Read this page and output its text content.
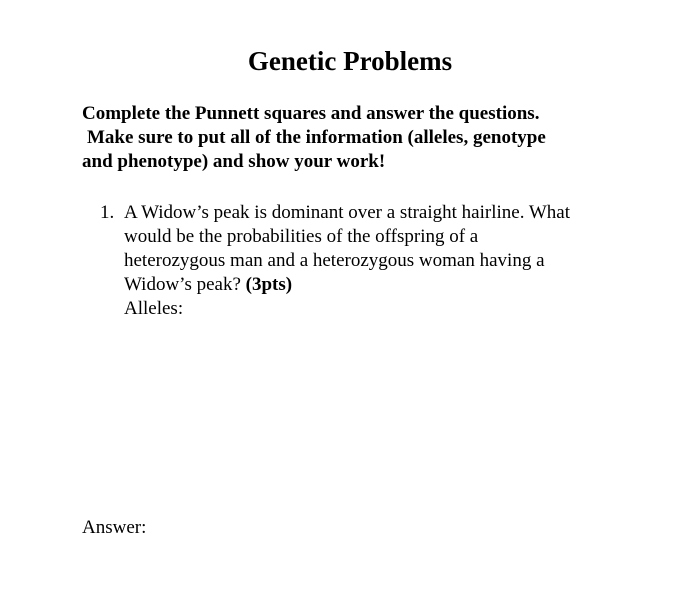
Genetic Problems
Complete the Punnett squares and answer the questions.
Make sure to put all of the information (alleles, genotype
and phenotype) and show your work!
1. A Widow’s peak is dominant over a straight hairline. What
would be the probabilities of the offspring of a
heterozygous man and a heterozygous woman having a
Widow’s peak? (3pts)
Alleles:
Answer:
